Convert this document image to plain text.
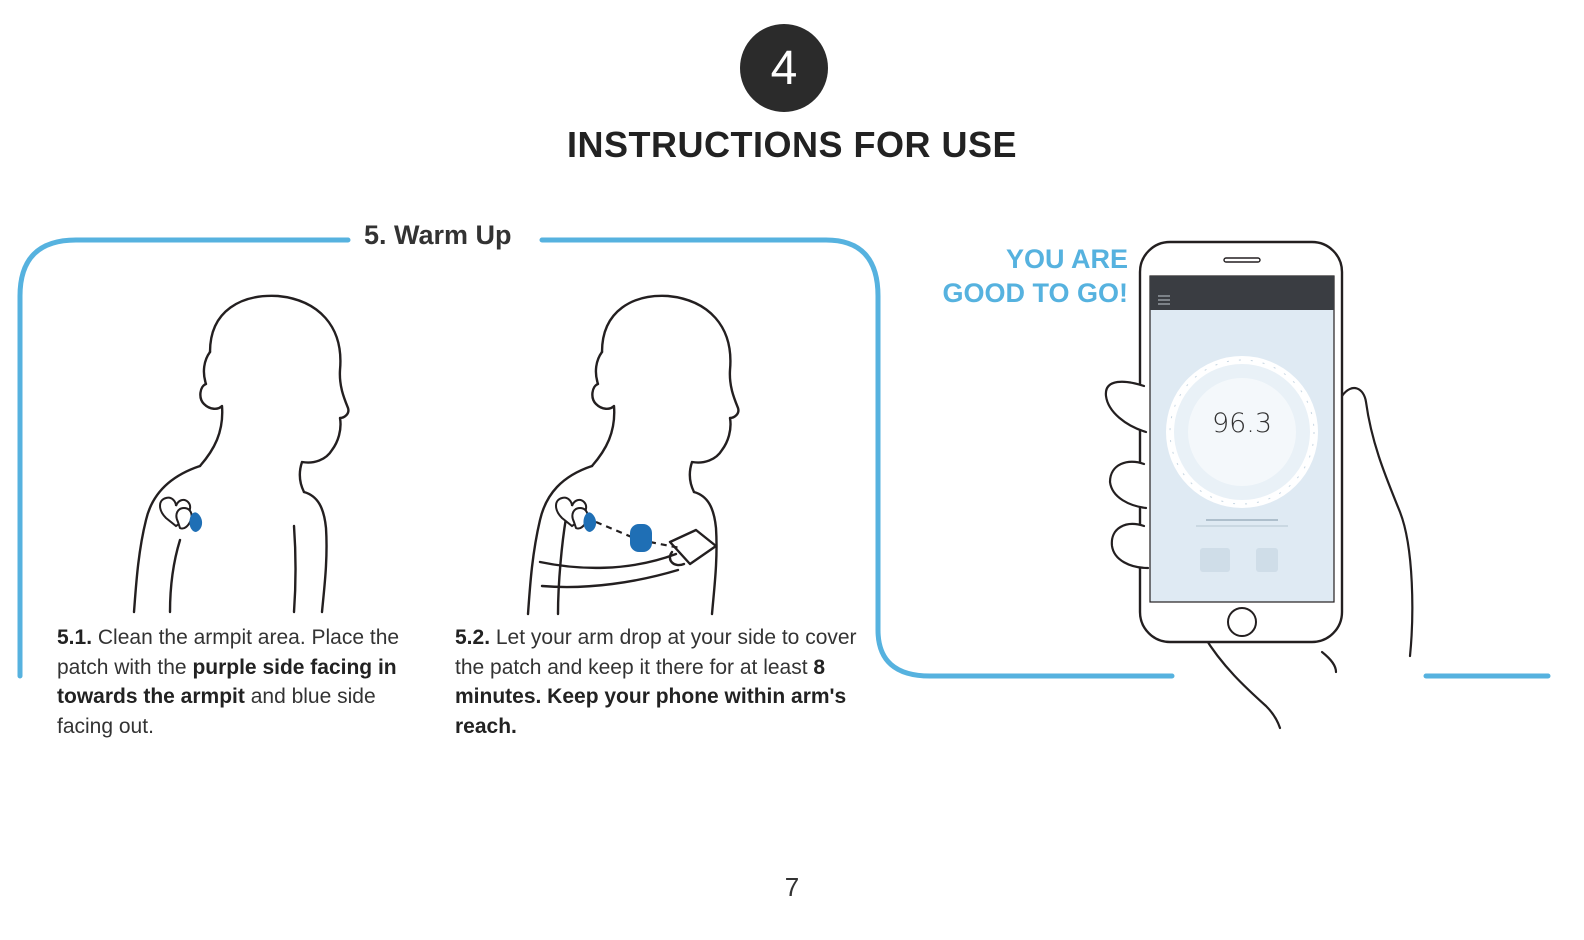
4
INSTRUCTIONS FOR USE
5. Warm Up
5.1. Clean the armpit area. Place the patch with the purple side facing in towards the armpit and blue side facing out.
5.2. Let your arm drop at your side to cover the patch and keep it there for at least 8 minutes. Keep your phone within arm's reach.
YOU ARE
GOOD TO GO!
96.3
7
